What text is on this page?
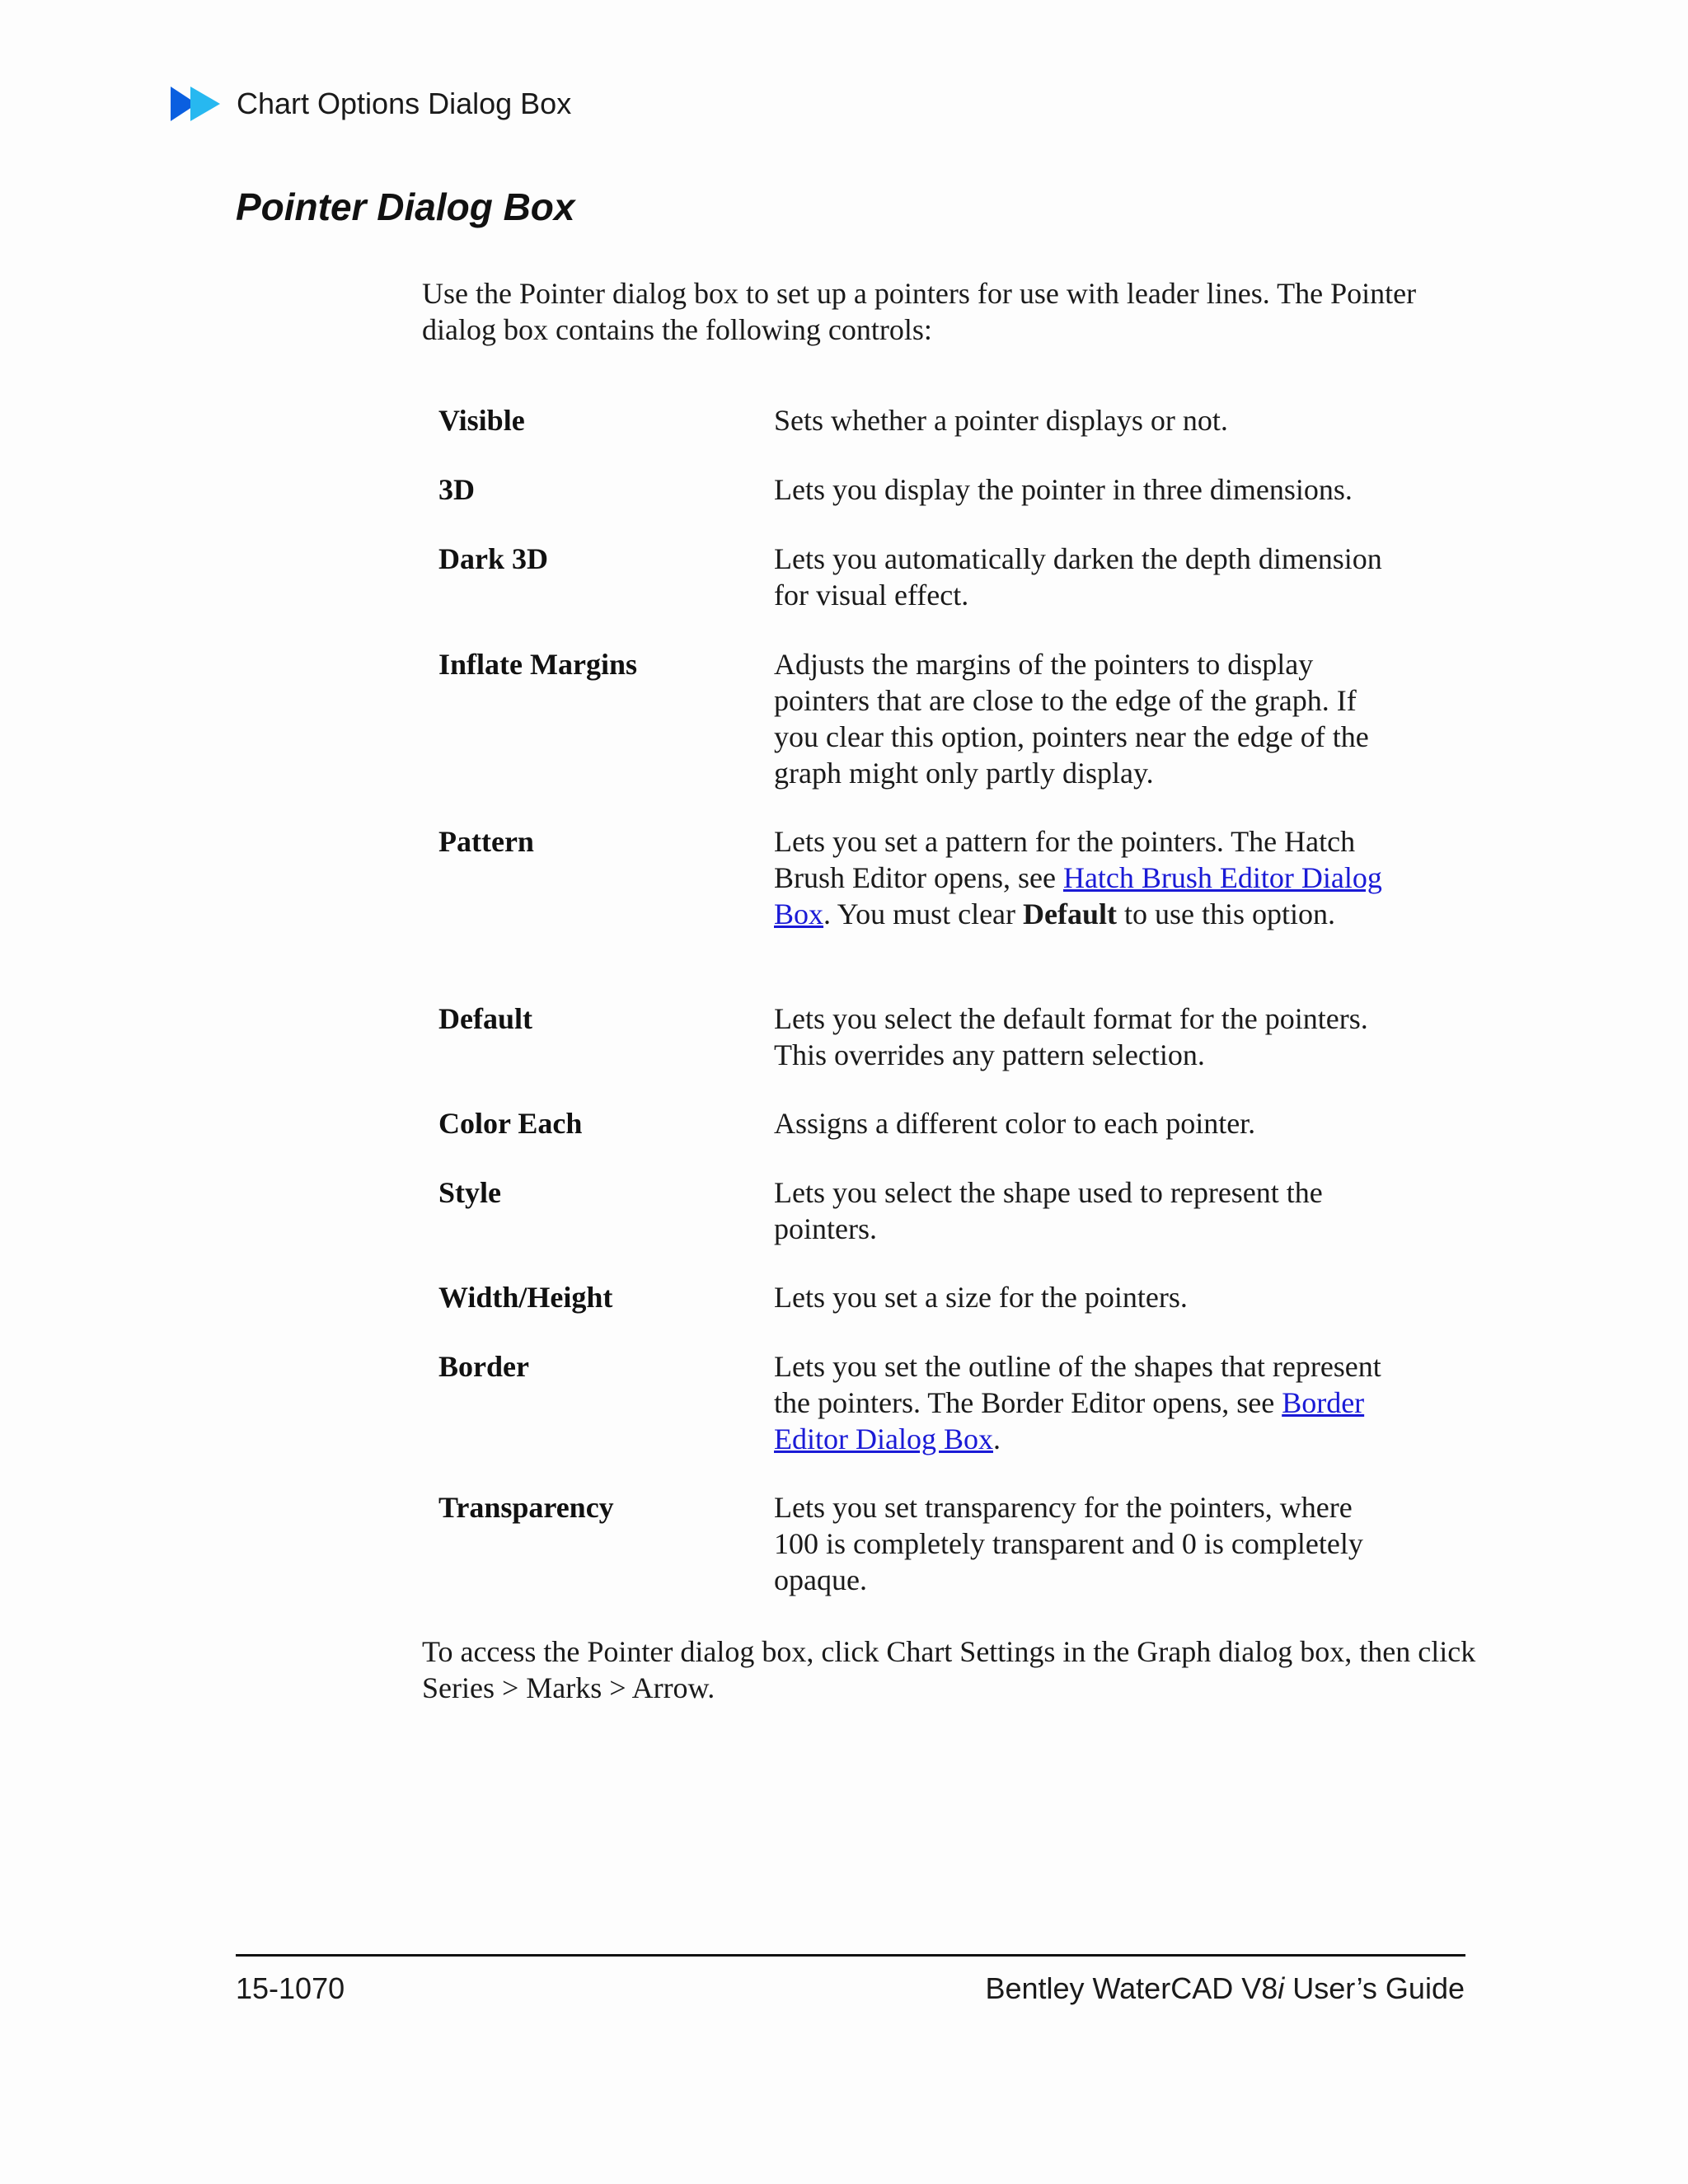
Chart Options Dialog Box
Pointer Dialog Box

Use the Pointer dialog box to set up a pointers for use with leader lines. The Pointer dialog box contains the following controls:

Visible	Sets whether a pointer displays or not.

3D	Lets you display the pointer in three dimensions.

Dark 3D	Lets you automatically darken the depth dimension for visual effect.

Inflate Margins	Adjusts the margins of the pointers to display pointers that are close to the edge of the graph. If you clear this option, pointers near the edge of the graph might only partly display.

Pattern	Lets you set a pattern for the pointers. The Hatch Brush Editor opens, see Hatch Brush Editor Dialog Box. You must clear Default to use this option.

Default	Lets you select the default format for the pointers. This overrides any pattern selection.

Color Each	Assigns a different color to each pointer.

Style	Lets you select the shape used to represent the pointers.

Width/Height	Lets you set a size for the pointers.

Border	Lets you set the outline of the shapes that represent the pointers. The Border Editor opens, see Border Editor Dialog Box.

Transparency	Lets you set transparency for the pointers, where 100 is completely transparent and 0 is completely opaque.

To access the Pointer dialog box, click Chart Settings in the Graph dialog box, then click Series > Marks > Arrow.

15-1070	Bentley WaterCAD V8i User’s Guide
